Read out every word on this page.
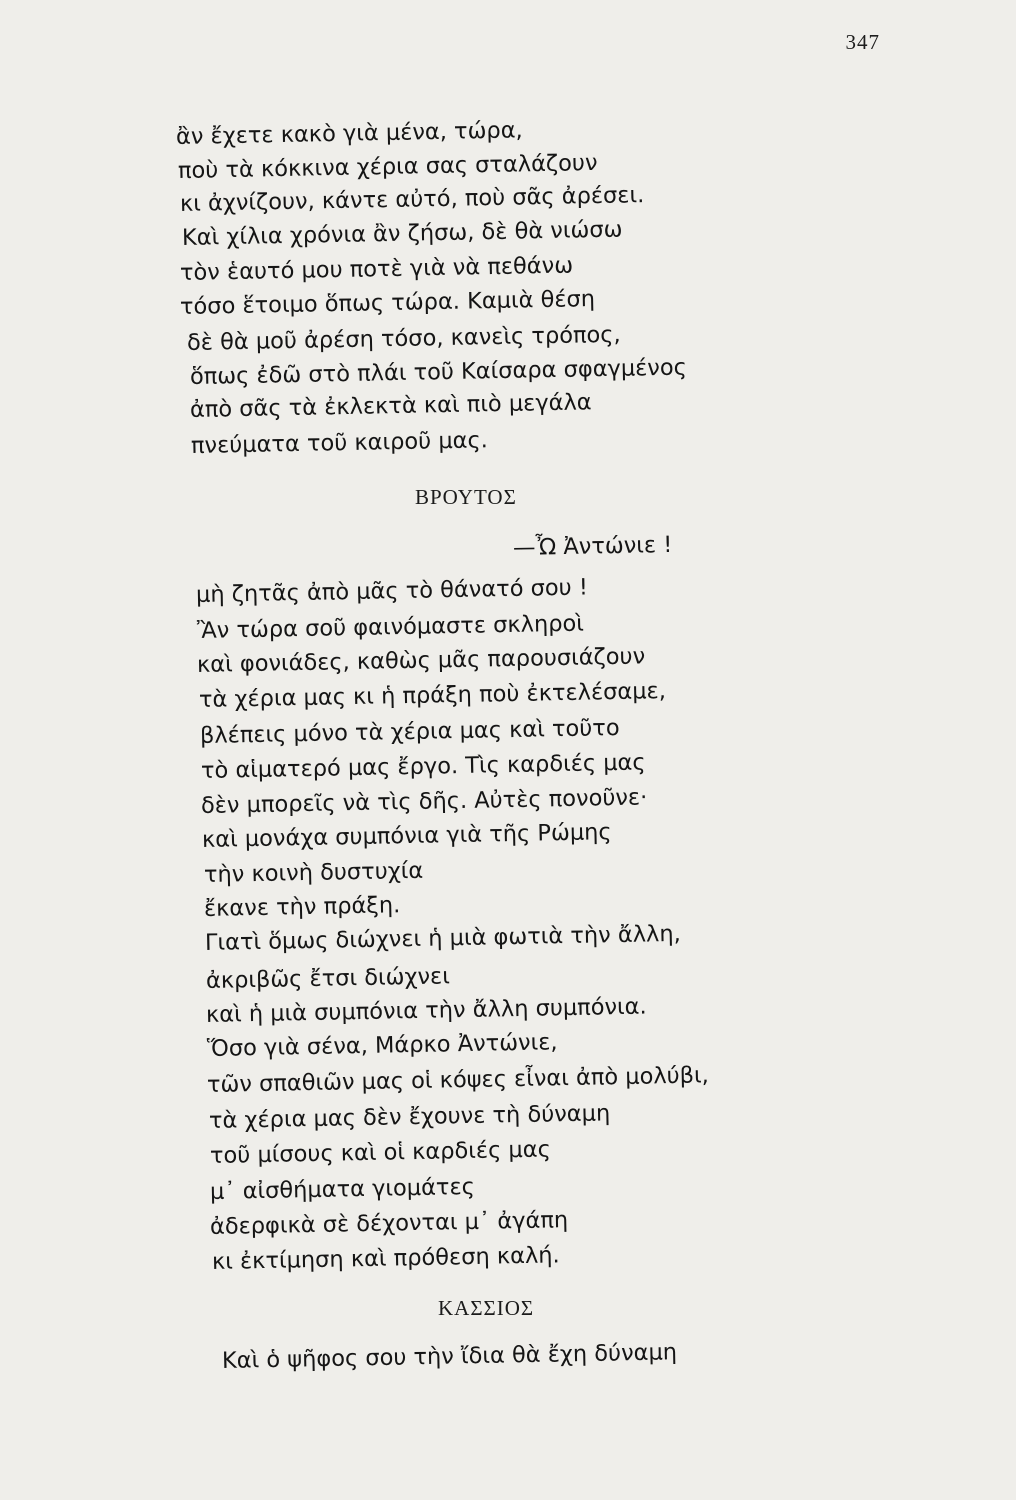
347
ἂν ἔχετε κακὸ γιὰ μένα, τώρα,
ποὺ τὰ κόκκινα χέρια σας σταλάζουν
κι ἀχνίζουν, κάντε αὐτό, ποὺ σᾶς ἀρέσει.
Καὶ χίλια χρόνια ἂν ζήσω, δὲ θὰ νιώσω
τὸν ἑαυτό μου ποτὲ γιὰ νὰ πεθάνω
τόσο ἕτοιμο ὅπως τώρα. Καμιὰ θέση
δὲ θὰ μοῦ ἀρέση τόσο, κανεὶς τρόπος,
ὅπως ἐδῶ στὸ πλάι τοῦ Καίσαρα σφαγμένος
ἀπὸ σᾶς τὰ ἐκλεκτὰ καὶ πιὸ μεγάλα
πνεύματα τοῦ καιροῦ μας.
ΒΡΟΥΤΟΣ
—Ὦ Ἀντώνιε !
μὴ ζητᾶς ἀπὸ μᾶς τὸ θάνατό σου !
Ἂν τώρα σοῦ φαινόμαστε σκληροὶ
καὶ φονιάδες, καθὼς μᾶς παρουσιάζουν
τὰ χέρια μας κι ἡ πράξη ποὺ ἐκτελέσαμε,
βλέπεις μόνο τὰ χέρια μας καὶ τοῦτο
τὸ αἱματερό μας ἔργο. Τὶς καρδιές μας
δὲν μπορεῖς νὰ τὶς δῆς. Αὐτὲς πονοῦνε·
καὶ μονάχα συμπόνια γιὰ τῆς Ρώμης
τὴν κοινὴ δυστυχία
ἔκανε τὴν πράξη.
Γιατὶ ὅμως διώχνει ἡ μιὰ φωτιὰ τὴν ἄλλη,
ἀκριβῶς ἔτσι διώχνει
καὶ ἡ μιὰ συμπόνια τὴν ἄλλη συμπόνια.
Ὅσο γιὰ σένα, Μάρκο Ἀντώνιε,
τῶν σπαθιῶν μας οἱ κόψες εἶναι ἀπὸ μολύβι,
τὰ χέρια μας δὲν ἔχουνε τὴ δύναμη
τοῦ μίσους καὶ οἱ καρδιές μας
μ᾽ αἰσθήματα γιομάτες
ἀδερφικὰ σὲ δέχονται μ᾽ ἀγάπη
κι ἐκτίμηση καὶ πρόθεση καλή.
ΚΑΣΣΙΟΣ
Καὶ ὁ ψῆφος σου τὴν ἴδια θὰ ἔχη δύναμη
